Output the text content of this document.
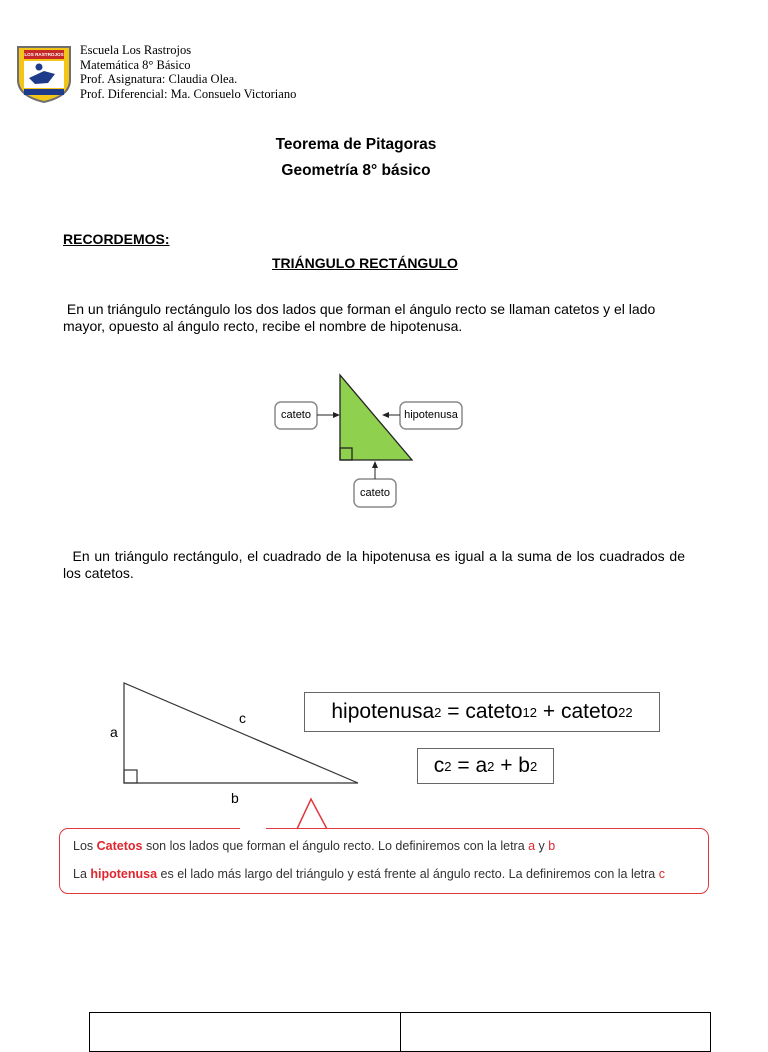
LOS RASTROJOS Escuela Los Rastrojos
Matemática 8° Básico
Prof. Asignatura: Claudia Olea.
Prof. Diferencial: Ma. Consuelo Victoriano
Teorema de Pitagoras
Geometría 8° básico
RECORDEMOS:
TRIÁNGULO RECTÁNGULO
En un triángulo rectángulo los dos lados que forman el ángulo recto se llaman catetos y el lado mayor, opuesto al ángulo recto, recibe el nombre de hipotenusa.
cateto	hipotenusa
cateto
En un triángulo rectángulo, el cuadrado de la hipotenusa es igual a la suma de los cuadrados de los catetos.
a
c
b
hipotenusa 2 = cateto 1 2 + cateto 2 2
c 2 = a 2 + b 2
Los Catetos son los lados que forman el ángulo recto. Lo definiremos con la letra a y b
La hipotenusa es el lado más largo del triángulo y está frente al ángulo recto. La definiremos con la letra c
